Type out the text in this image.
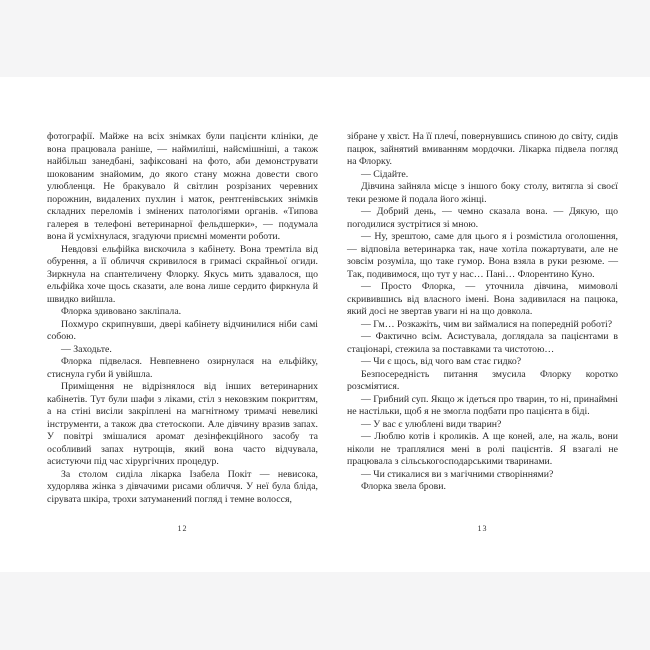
фотографії. Майже на всіх знімках були пацієнти клініки, де вона працювала раніше, — наймиліші, найсмішніші, а також найбільш занедбані, зафіксовані на фото, аби демонструвати шокованим знайомим, до якого стану можна довести свого улюбленця. Не бракувало й світлин розрізаних черевних порожнин, видалених пухлин і маток, рентгенівських знімків складних переломів і змінених патологіями органів. «Типова галерея в телефоні ветеринарної фельдшерки», — подумала вона й усміхнулася, згадуючи приємні моменти роботи.

Невдовзі ельфійка вискочила з кабінету. Вона тремтіла від обурення, а її обличчя скривилося в гримасі скрайньої огиди. Зиркнула на спантеличену Флорку. Якусь мить здавалося, що ельфійка хоче щось сказати, але вона лише сердито фиркнула й швидко вийшла.

Флорка здивовано закліпала.

Похмуро скрипнувши, двері кабінету відчинилися ніби самі собою.

— Заходьте.

Флорка підвелася. Невпевнено озирнулася на ельфійку, стиснула губи й увійшла.

Приміщення не відрізнялося від інших ветеринарних кабінетів. Тут були шафи з ліками, стіл з нековзким покриттям, а на стіні висіли закріплені на магнітному тримачі невеликі інструменти, а також два стетоскопи. Але дівчину вразив запах. У повітрі змішалися аромат дезінфекційного засобу та особливий запах нутрощів, який вона часто відчувала, асистуючи під час хірургічних процедур.

За столом сиділа лікарка Ізабела Покіт — невисока, худорлява жінка з дівчачими рисами обличчя. У неї була бліда, сірувата шкіра, трохи затуманений погляд і темне волосся,

зібране у хвіст. На її плечі́, повернувшись спиною до світу, сидів пацюк, зайнятий вмиванням мордочки. Лікарка підвела погляд на Флорку.

— Сідайте.

Дівчина зайняла місце з іншого боку столу, витягла зі своєї теки резюме й подала його жінці.

— Добрий день, — чемно сказала вона. — Дякую, що погодилися зустрітися зі мною.

— Ну, зрештою, саме для цього я і розмістила оголошення, — відповіла ветеринарка так, наче хотіла пожартувати, але не зовсім розуміла, що таке гумор. Вона взяла в руки резюме. — Так, подивимося, що тут у нас… Пані… Флорентино Куно.

— Просто Флорка, — уточнила дівчина, мимоволі скривившись від власного імені. Вона задивилася на пацюка, який досі не звертав уваги ні на що довкола.

— Гм… Розкажіть, чим ви займалися на попередній роботі?

— Фактично всім. Асистувала, доглядала за пацієнтами в стаціонарі, стежила за поставками та чистотою…

— Чи є щось, від чого вам стає гидко?

Безпосередність питання змусила Флорку коротко розсміятися.

— Грибний суп. Якщо ж ідеться про тварин, то ні, принаймні не настільки, щоб я не змогла подбати про пацієнта в біді.

— У вас є улюблені види тварин?

— Люблю котів і кроликів. А ще коней, але, на жаль, вони ніколи не траплялися мені в ролі пацієнтів. Я взагалі не працювала з сільськогосподарськими тваринами.

— Чи стикалися ви з магічними створіннями?

Флорка звела брови.

12	13
